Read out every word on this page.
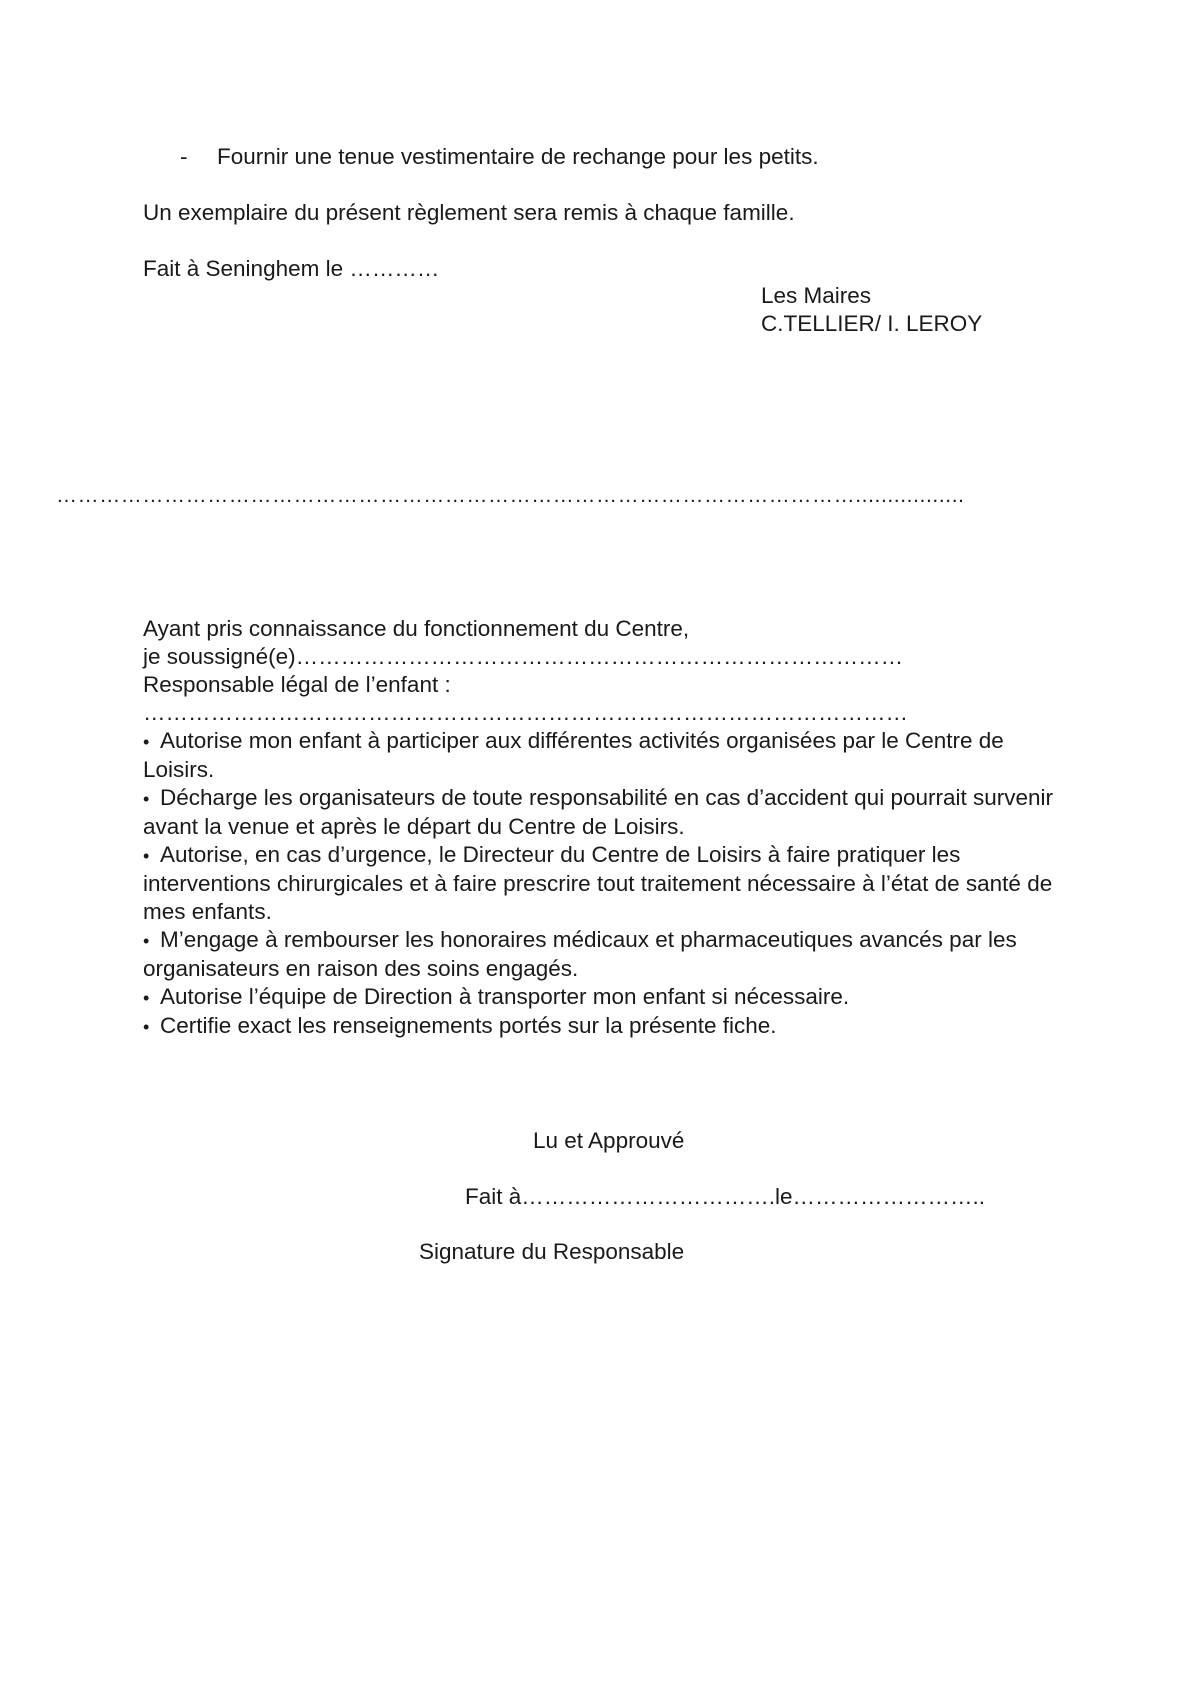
- Fournir une tenue vestimentaire de rechange pour les petits.

Un exemplaire du présent règlement sera remis à chaque famille.

Fait à Seninghem le …………

Les Maires
C.TELLIER/ I. LEROY
………………………………………………………………………………………………….................
Ayant pris connaissance du fonctionnement du Centre,
je soussigné(e)………………………………………………………………………
Responsable légal de l’enfant :
…………………………………………………………………………………………
• Autorise mon enfant à participer aux différentes activités organisées par le Centre de Loisirs.
• Décharge les organisateurs de toute responsabilité en cas d’accident qui pourrait survenir avant la venue et après le départ du Centre de Loisirs.
• Autorise, en cas d’urgence, le Directeur du Centre de Loisirs à faire pratiquer les interventions chirurgicales et à faire prescrire tout traitement nécessaire à l’état de santé de mes enfants.
• M’engage à rembourser les honoraires médicaux et pharmaceutiques avancés par les organisateurs en raison des soins engagés.
• Autorise l’équipe de Direction à transporter mon enfant si nécessaire.
• Certifie exact les renseignements portés sur la présente fiche.
Lu et Approuvé
Fait à…………………………….le……………………..
Signature du Responsable
